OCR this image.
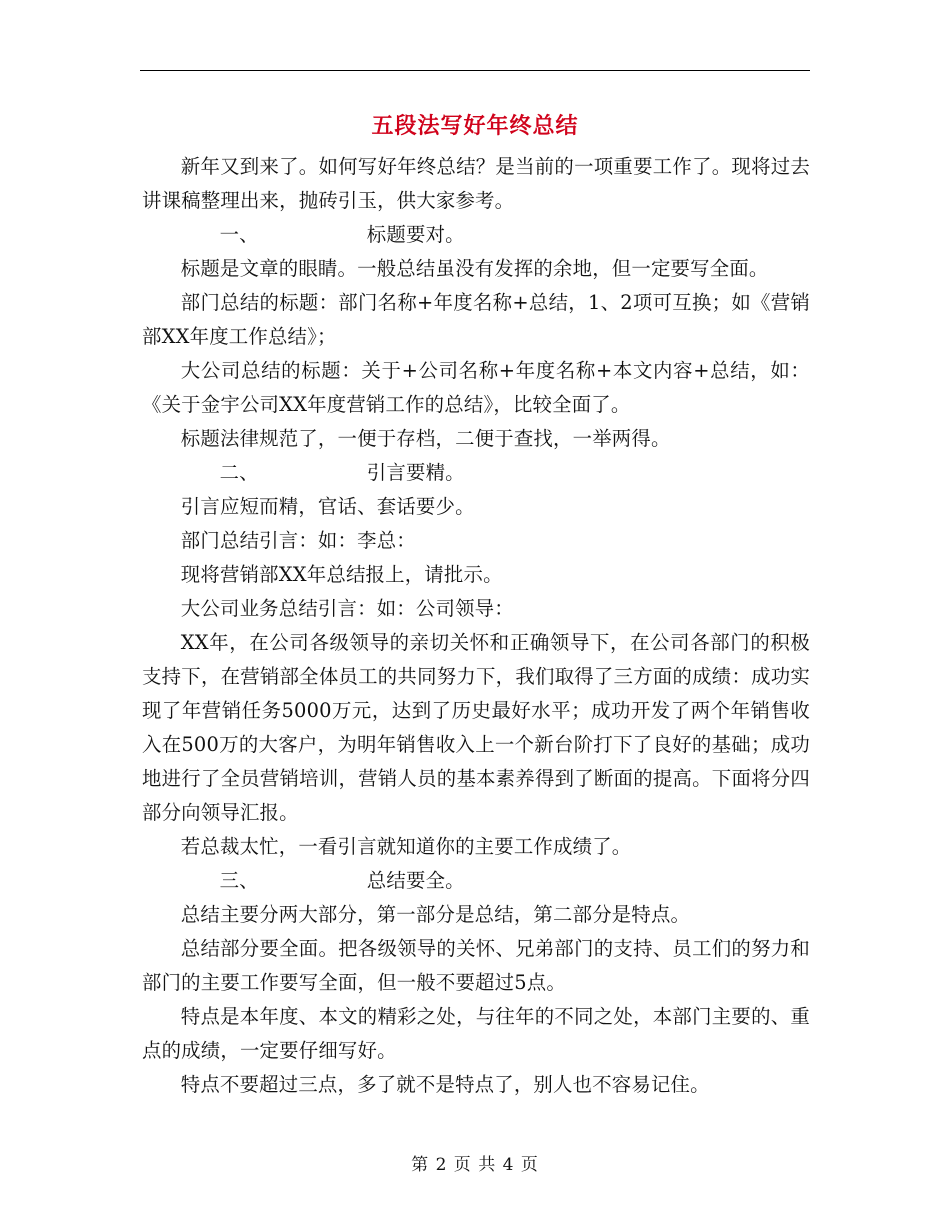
五段法写好年终总结

新年又到来了。如何写好年终总结？是当前的一项重要工作了。现将过去讲课稿整理出来，抛砖引玉，供大家参考。

一、	标题要对。

标题是文章的眼睛。一般总结虽没有发挥的余地，但一定要写全面。

部门总结的标题：部门名称+年度名称+总结，1、2项可互换；如《营销部XX年度工作总结》；

大公司总结的标题：关于+公司名称+年度名称+本文内容+总结，如：《关于金宇公司XX年度营销工作的总结》，比较全面了。

标题法律规范了，一便于存档，二便于查找，一举两得。

二、	引言要精。

引言应短而精，官话、套话要少。

部门总结引言：如：李总：

现将营销部XX年总结报上，请批示。

大公司业务总结引言：如：公司领导：

XX年，在公司各级领导的亲切关怀和正确领导下，在公司各部门的积极支持下，在营销部全体员工的共同努力下，我们取得了三方面的成绩：成功实现了年营销任务5000万元，达到了历史最好水平；成功开发了两个年销售收入在500万的大客户，为明年销售收入上一个新台阶打下了良好的基础；成功地进行了全员营销培训，营销人员的基本素养得到了断面的提高。下面将分四部分向领导汇报。

若总裁太忙，一看引言就知道你的主要工作成绩了。

三、	总结要全。

总结主要分两大部分，第一部分是总结，第二部分是特点。

总结部分要全面。把各级领导的关怀、兄弟部门的支持、员工们的努力和部门的主要工作要写全面，但一般不要超过5点。

特点是本年度、本文的精彩之处，与往年的不同之处，本部门主要的、重点的成绩，一定要仔细写好。

特点不要超过三点，多了就不是特点了，别人也不容易记住。

第 2 页 共 4 页
